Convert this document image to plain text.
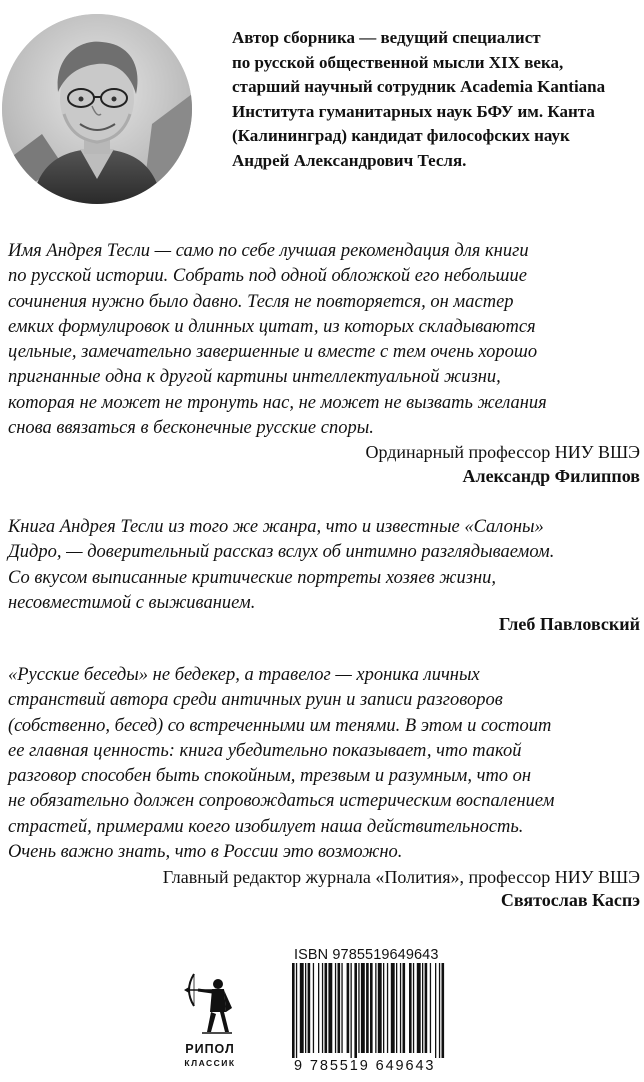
Автор сборника — ведущий специалист
по русской общественной мысли XIX века,
старший научный сотрудник Academia Kantiana
Института гуманитарных наук БФУ им. Канта
(Калининград) кандидат философских наук
Андрей Александрович Тесля.

Имя Андрея Тесли — само по себе лучшая рекомендация для книги
по русской истории. Собрать под одной обложкой его небольшие
сочинения нужно было давно. Тесля не повторяется, он мастер
емких формулировок и длинных цитат, из которых складываются
цельные, замечательно завершенные и вместе с тем очень хорошо
пригнанные одна к другой картины интеллектуальной жизни,
которая не может не тронуть нас, не может не вызвать желания
снова ввязаться в бесконечные русские споры.

Ординарный профессор НИУ ВШЭ

Александр Филиппов

Книга Андрея Тесли из того же жанра, что и известные «Салоны»
Дидро, — доверительный рассказ вслух об интимно разглядываемом.
Со вкусом выписанные критические портреты хозяев жизни,
несовместимой с выживанием.

Глеб Павловский

«Русские беседы» не бедекер, а травелог — хроника личных
странствий автора среди античных руин и записи разговоров
(собственно, бесед) со встреченными им тенями. В этом и состоит
ее главная ценность: книга убедительно показывает, что такой
разговор способен быть спокойным, трезвым и разумным, что он
не обязательно должен сопровождаться истерическим воспалением
страстей, примерами коего изобилует наша действительность.
Очень важно знать, что в России это возможно.

Главный редактор журнала «Полития», профессор НИУ ВШЭ

Святослав Каспэ

РИПОЛ

КЛАССИК

ISBN 9785519649643
9 785519 649643
